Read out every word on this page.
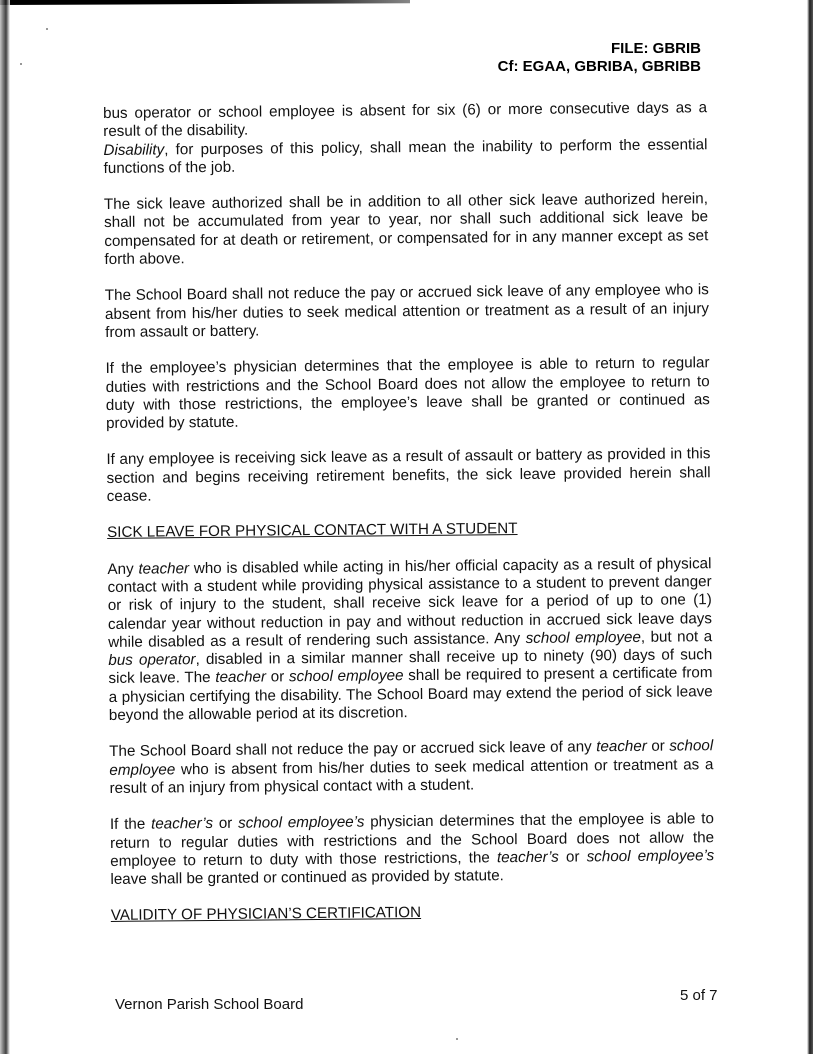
FILE: GBRIB
Cf: EGAA, GBRIBA, GBRIBB

bus operator or school employee is absent for six (6) or more consecutive days as a result of the disability.

Disability, for purposes of this policy, shall mean the inability to perform the essential functions of the job.

The sick leave authorized shall be in addition to all other sick leave authorized herein, shall not be accumulated from year to year, nor shall such additional sick leave be compensated for at death or retirement, or compensated for in any manner except as set forth above.

The School Board shall not reduce the pay or accrued sick leave of any employee who is absent from his/her duties to seek medical attention or treatment as a result of an injury from assault or battery.

If the employee’s physician determines that the employee is able to return to regular duties with restrictions and the School Board does not allow the employee to return to duty with those restrictions, the employee’s leave shall be granted or continued as provided by statute.

If any employee is receiving sick leave as a result of assault or battery as provided in this section and begins receiving retirement benefits, the sick leave provided herein shall cease.

SICK LEAVE FOR PHYSICAL CONTACT WITH A STUDENT

Any teacher who is disabled while acting in his/her official capacity as a result of physical contact with a student while providing physical assistance to a student to prevent danger or risk of injury to the student, shall receive sick leave for a period of up to one (1) calendar year without reduction in pay and without reduction in accrued sick leave days while disabled as a result of rendering such assistance. Any school employee, but not a bus operator, disabled in a similar manner shall receive up to ninety (90) days of such sick leave. The teacher or school employee shall be required to present a certificate from a physician certifying the disability. The School Board may extend the period of sick leave beyond the allowable period at its discretion.

The School Board shall not reduce the pay or accrued sick leave of any teacher or school employee who is absent from his/her duties to seek medical attention or treatment as a result of an injury from physical contact with a student.

If the teacher’s or school employee’s physician determines that the employee is able to return to regular duties with restrictions and the School Board does not allow the employee to return to duty with those restrictions, the teacher’s or school employee’s leave shall be granted or continued as provided by statute.

VALIDITY OF PHYSICIAN’S CERTIFICATION
Vernon Parish School Board
5 of 7
